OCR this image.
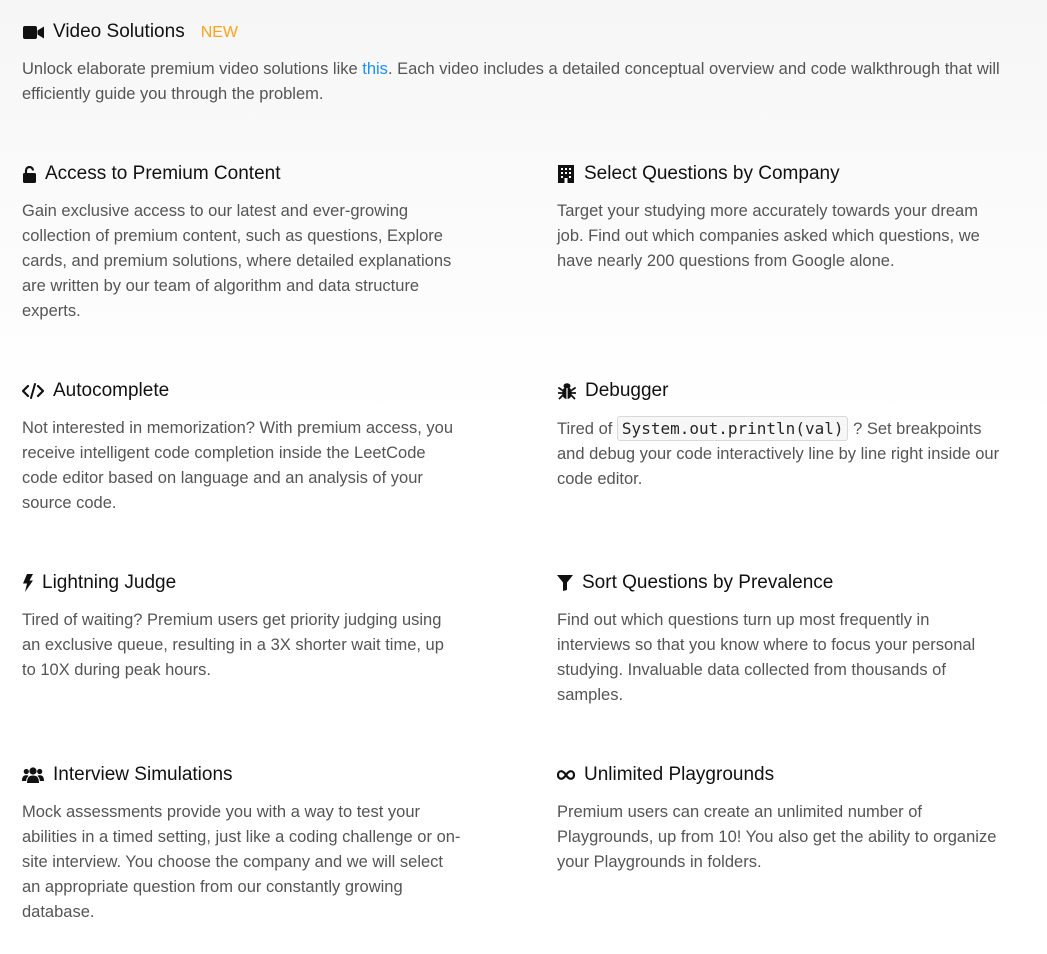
Video Solutions NEW

Unlock elaborate premium video solutions like this. Each video includes a detailed conceptual overview and code walkthrough that will efficiently guide you through the problem.

Access to Premium Content

Gain exclusive access to our latest and ever-growing collection of premium content, such as questions, Explore cards, and premium solutions, where detailed explanations are written by our team of algorithm and data structure experts.

Select Questions by Company

Target your studying more accurately towards your dream job. Find out which companies asked which questions, we have nearly 200 questions from Google alone.

Autocomplete

Not interested in memorization? With premium access, you receive intelligent code completion inside the LeetCode code editor based on language and an analysis of your source code.

Debugger

Tired of System.out.println(val) ? Set breakpoints and debug your code interactively line by line right inside our code editor.

Lightning Judge

Tired of waiting? Premium users get priority judging using an exclusive queue, resulting in a 3X shorter wait time, up to 10X during peak hours.

Sort Questions by Prevalence

Find out which questions turn up most frequently in interviews so that you know where to focus your personal studying. Invaluable data collected from thousands of samples.

Interview Simulations

Mock assessments provide you with a way to test your abilities in a timed setting, just like a coding challenge or on-site interview. You choose the company and we will select an appropriate question from our constantly growing database.

Unlimited Playgrounds

Premium users can create an unlimited number of Playgrounds, up from 10! You also get the ability to organize your Playgrounds in folders.
